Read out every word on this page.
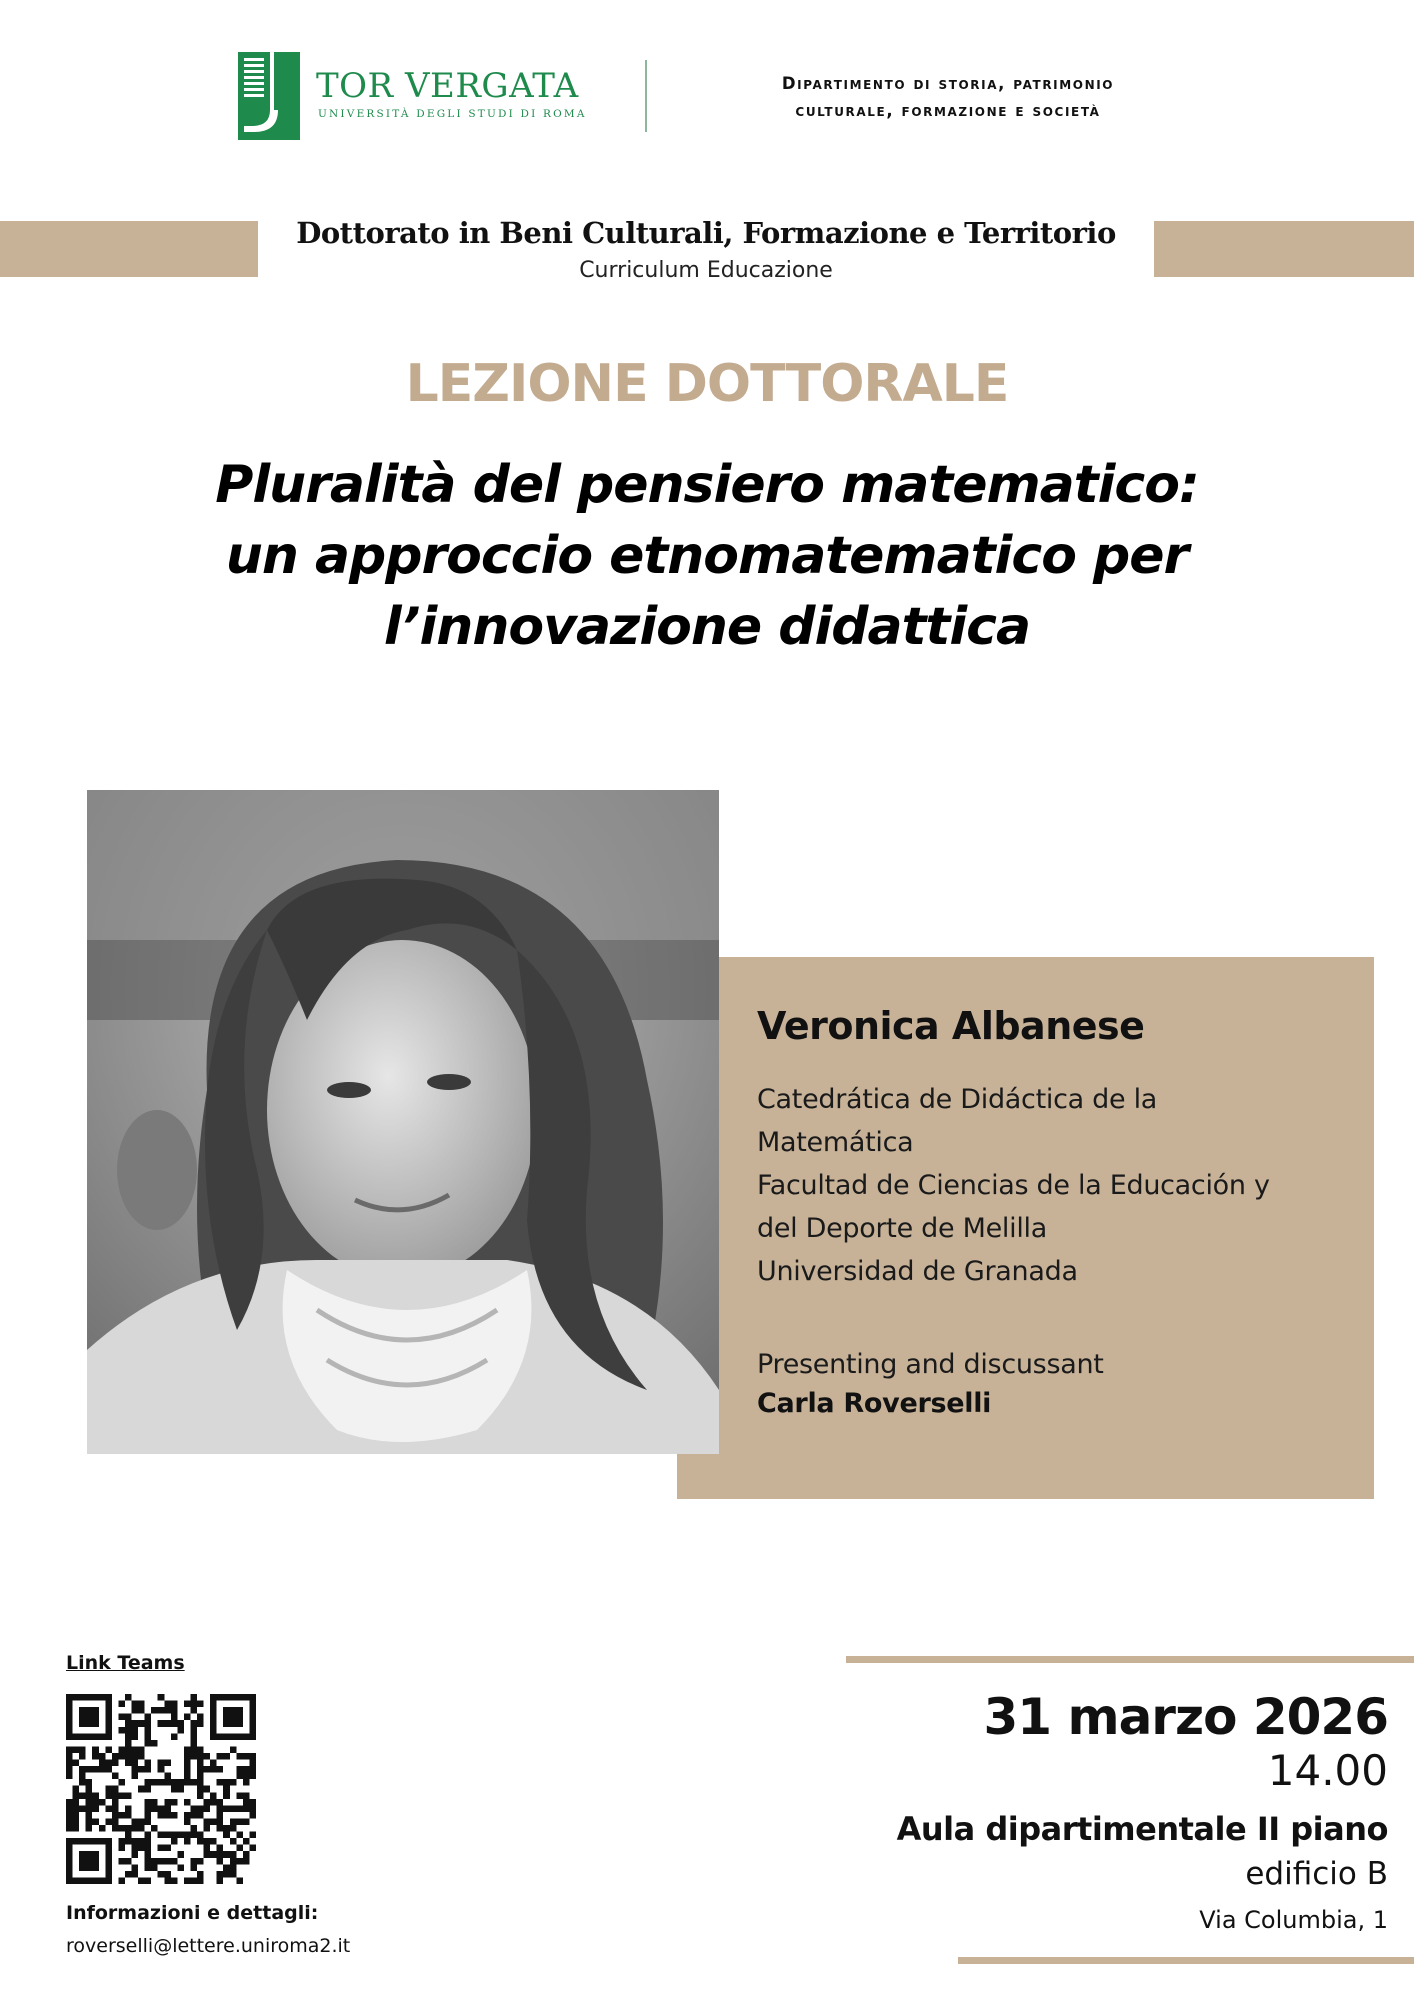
TOR VERGATA
UNIVERSITÀ DEGLI STUDI DI ROMA
Dipartimento di storia, patrimonio
culturale, formazione e società
Dottorato in Beni Culturali, Formazione e Territorio
Curriculum Educazione
LEZIONE DOTTORALE
Pluralità del pensiero matematico:
un approccio etnomatematico per
l’innovazione didattica
Veronica Albanese
Catedrática de Didáctica de la
Matemática
Facultad de Ciencias de la Educación y
del Deporte de Melilla
Universidad de Granada
Presenting and discussant
Carla Roverselli
Link Teams
Informazioni e dettagli:
roverselli@lettere.uniroma2.it
31 marzo 2026
14.00
Aula dipartimentale II piano
edificio B
Via Columbia, 1
